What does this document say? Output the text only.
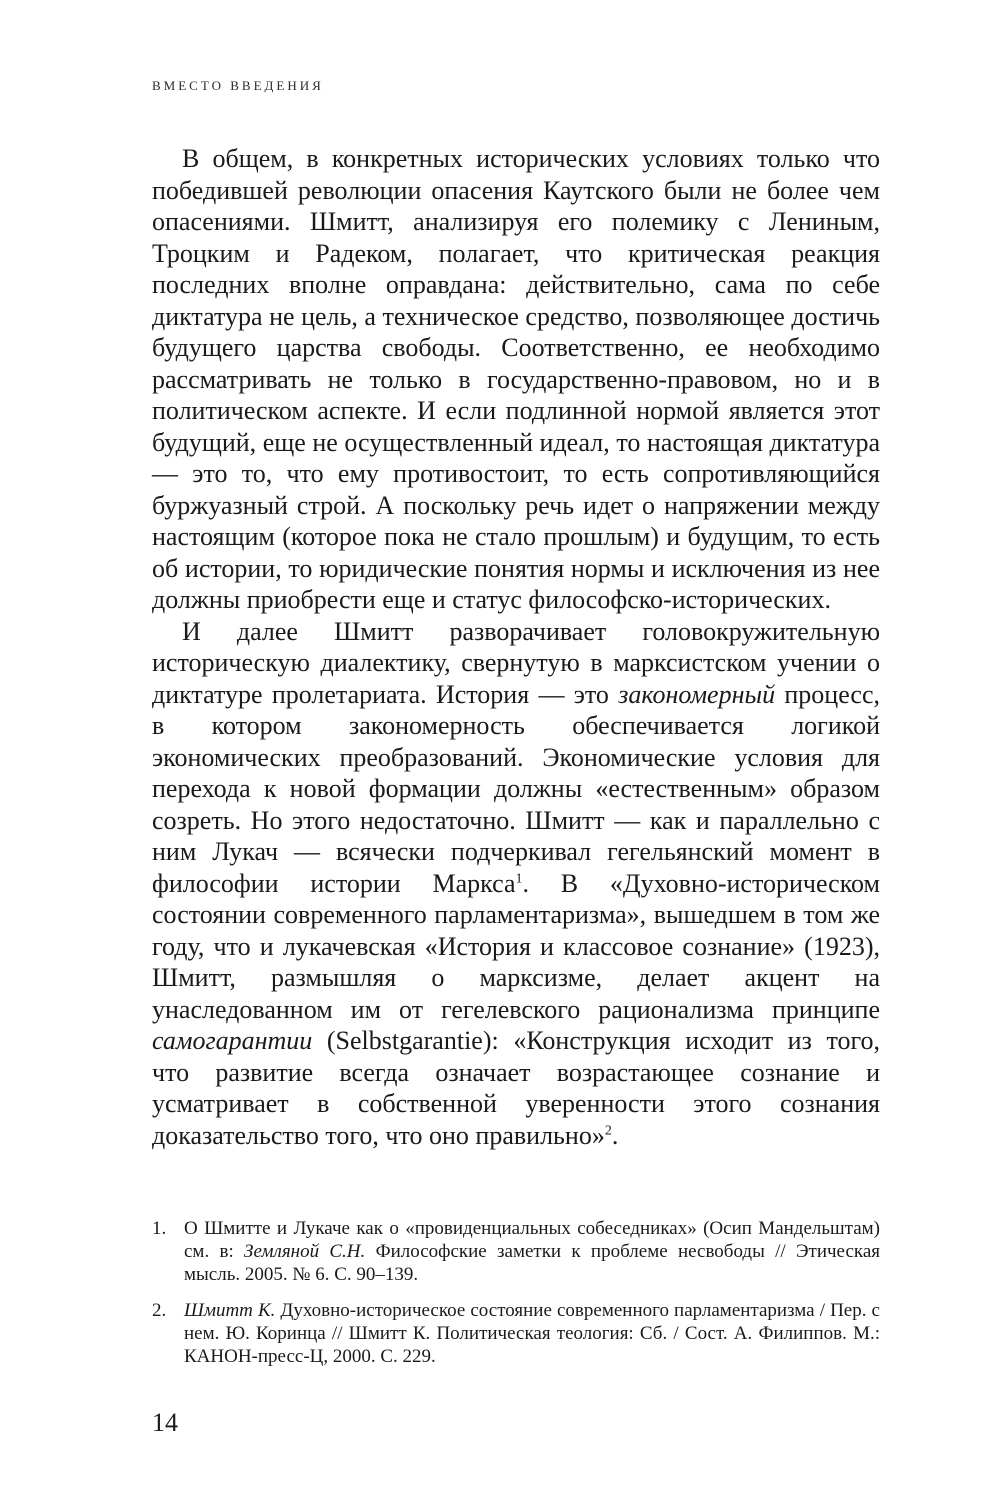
ВМЕСТО ВВЕДЕНИЯ

В общем, в конкретных исторических условиях только что победившей революции опасения Каутского были не более чем опасениями. Шмитт, анализируя его полемику с Лениным, Троцким и Радеком, полагает, что критическая реакция последних вполне оправдана: действительно, сама по себе диктатура не цель, а техническое средство, позволяющее достичь будущего царства свободы. Соответственно, ее необходимо рассматривать не только в государственно-правовом, но и в политическом аспекте. И если подлинной нормой является этот будущий, еще не осуществленный идеал, то настоящая диктатура — это то, что ему противостоит, то есть сопротивляющийся буржуазный строй. А поскольку речь идет о напряжении между настоящим (которое пока не стало прошлым) и будущим, то есть об истории, то юридические понятия нормы и исключения из нее должны приобрести еще и статус философско-исторических.

И далее Шмитт разворачивает головокружительную историческую диалектику, свернутую в марксистском учении о диктатуре пролетариата. История — это закономерный процесс, в котором закономерность обеспечивается логикой экономических преобразований. Экономические условия для перехода к новой формации должны «естественным» образом созреть. Но этого недостаточно. Шмитт — как и параллельно с ним Лукач — всячески подчеркивал гегельянский момент в философии истории Маркса$^1$. В «Духовно-историческом состоянии современного парламентаризма», вышедшем в том же году, что и лукачевская «История и классовое сознание» (1923), Шмитт, размышляя о марксизме, делает акцент на унаследованном им от гегелевского рационализма принципе самогарантии (Selbstgarantie): «Конструкция исходит из того, что развитие всегда означает возрастающее сознание и усматривает в собственной уверенности этого сознания доказательство того, что оно правильно»$^2$.

1. О Шмитте и Лукаче как о «провиденциальных собеседниках» (Осип Мандельштам) см. в: Земляной С.Н. Философские заметки к проблеме несвободы // Этическая мысль. 2005. № 6. С. 90–139.
2. Шмитт К. Духовно-историческое состояние современного парламентаризма / Пер. с нем. Ю. Коринца // Шмитт К. Политическая теология: Сб. / Сост. А. Филиппов. М.: КАНОН-пресс-Ц, 2000. С. 229.
14
